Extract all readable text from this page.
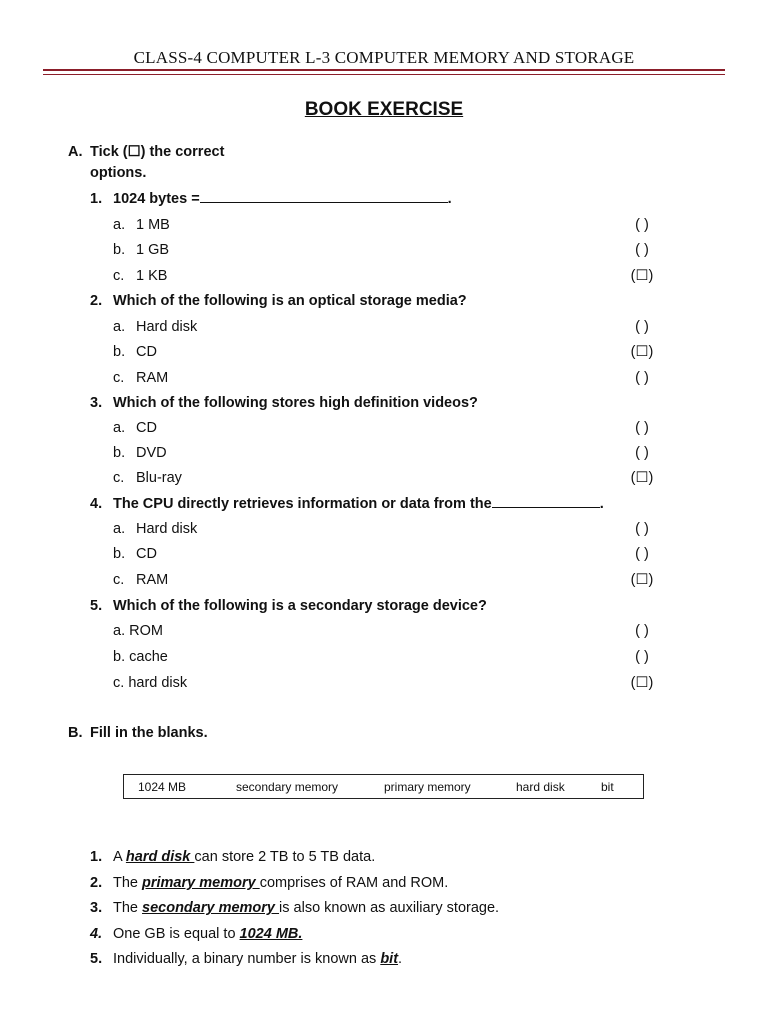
CLASS-4 COMPUTER L-3 COMPUTER MEMORY AND STORAGE
BOOK EXERCISE
A. Tick (☐) the correct
options.
1. 1024 bytes =	.
a. 1 MB	( )
b. 1 GB	( )
c. 1 KB	(☐)
2. Which of the following is an optical storage media?
a. Hard disk	( )
b. CD	(☐)
c. RAM	( )
3. Which of the following stores high definition videos?
a. CD	( )
b. DVD	( )
c. Blu-ray	(☐)
4. The CPU directly retrieves information or data from the	.
a. Hard disk	( )
b. CD	( )
c. RAM	(☐)
5. Which of the following is a secondary storage device?
a. ROM	( )
b. cache	( )
c. hard disk	(☐)
B. Fill in the blanks.
1024 MB	secondary memory	primary memory	hard disk	bit
1. A hard disk can store 2 TB to 5 TB data.
2. The primary memory comprises of RAM and ROM.
3. The secondary memory is also known as auxiliary storage.
4. One GB is equal to 1024 MB.
5. Individually, a binary number is known as bit.
